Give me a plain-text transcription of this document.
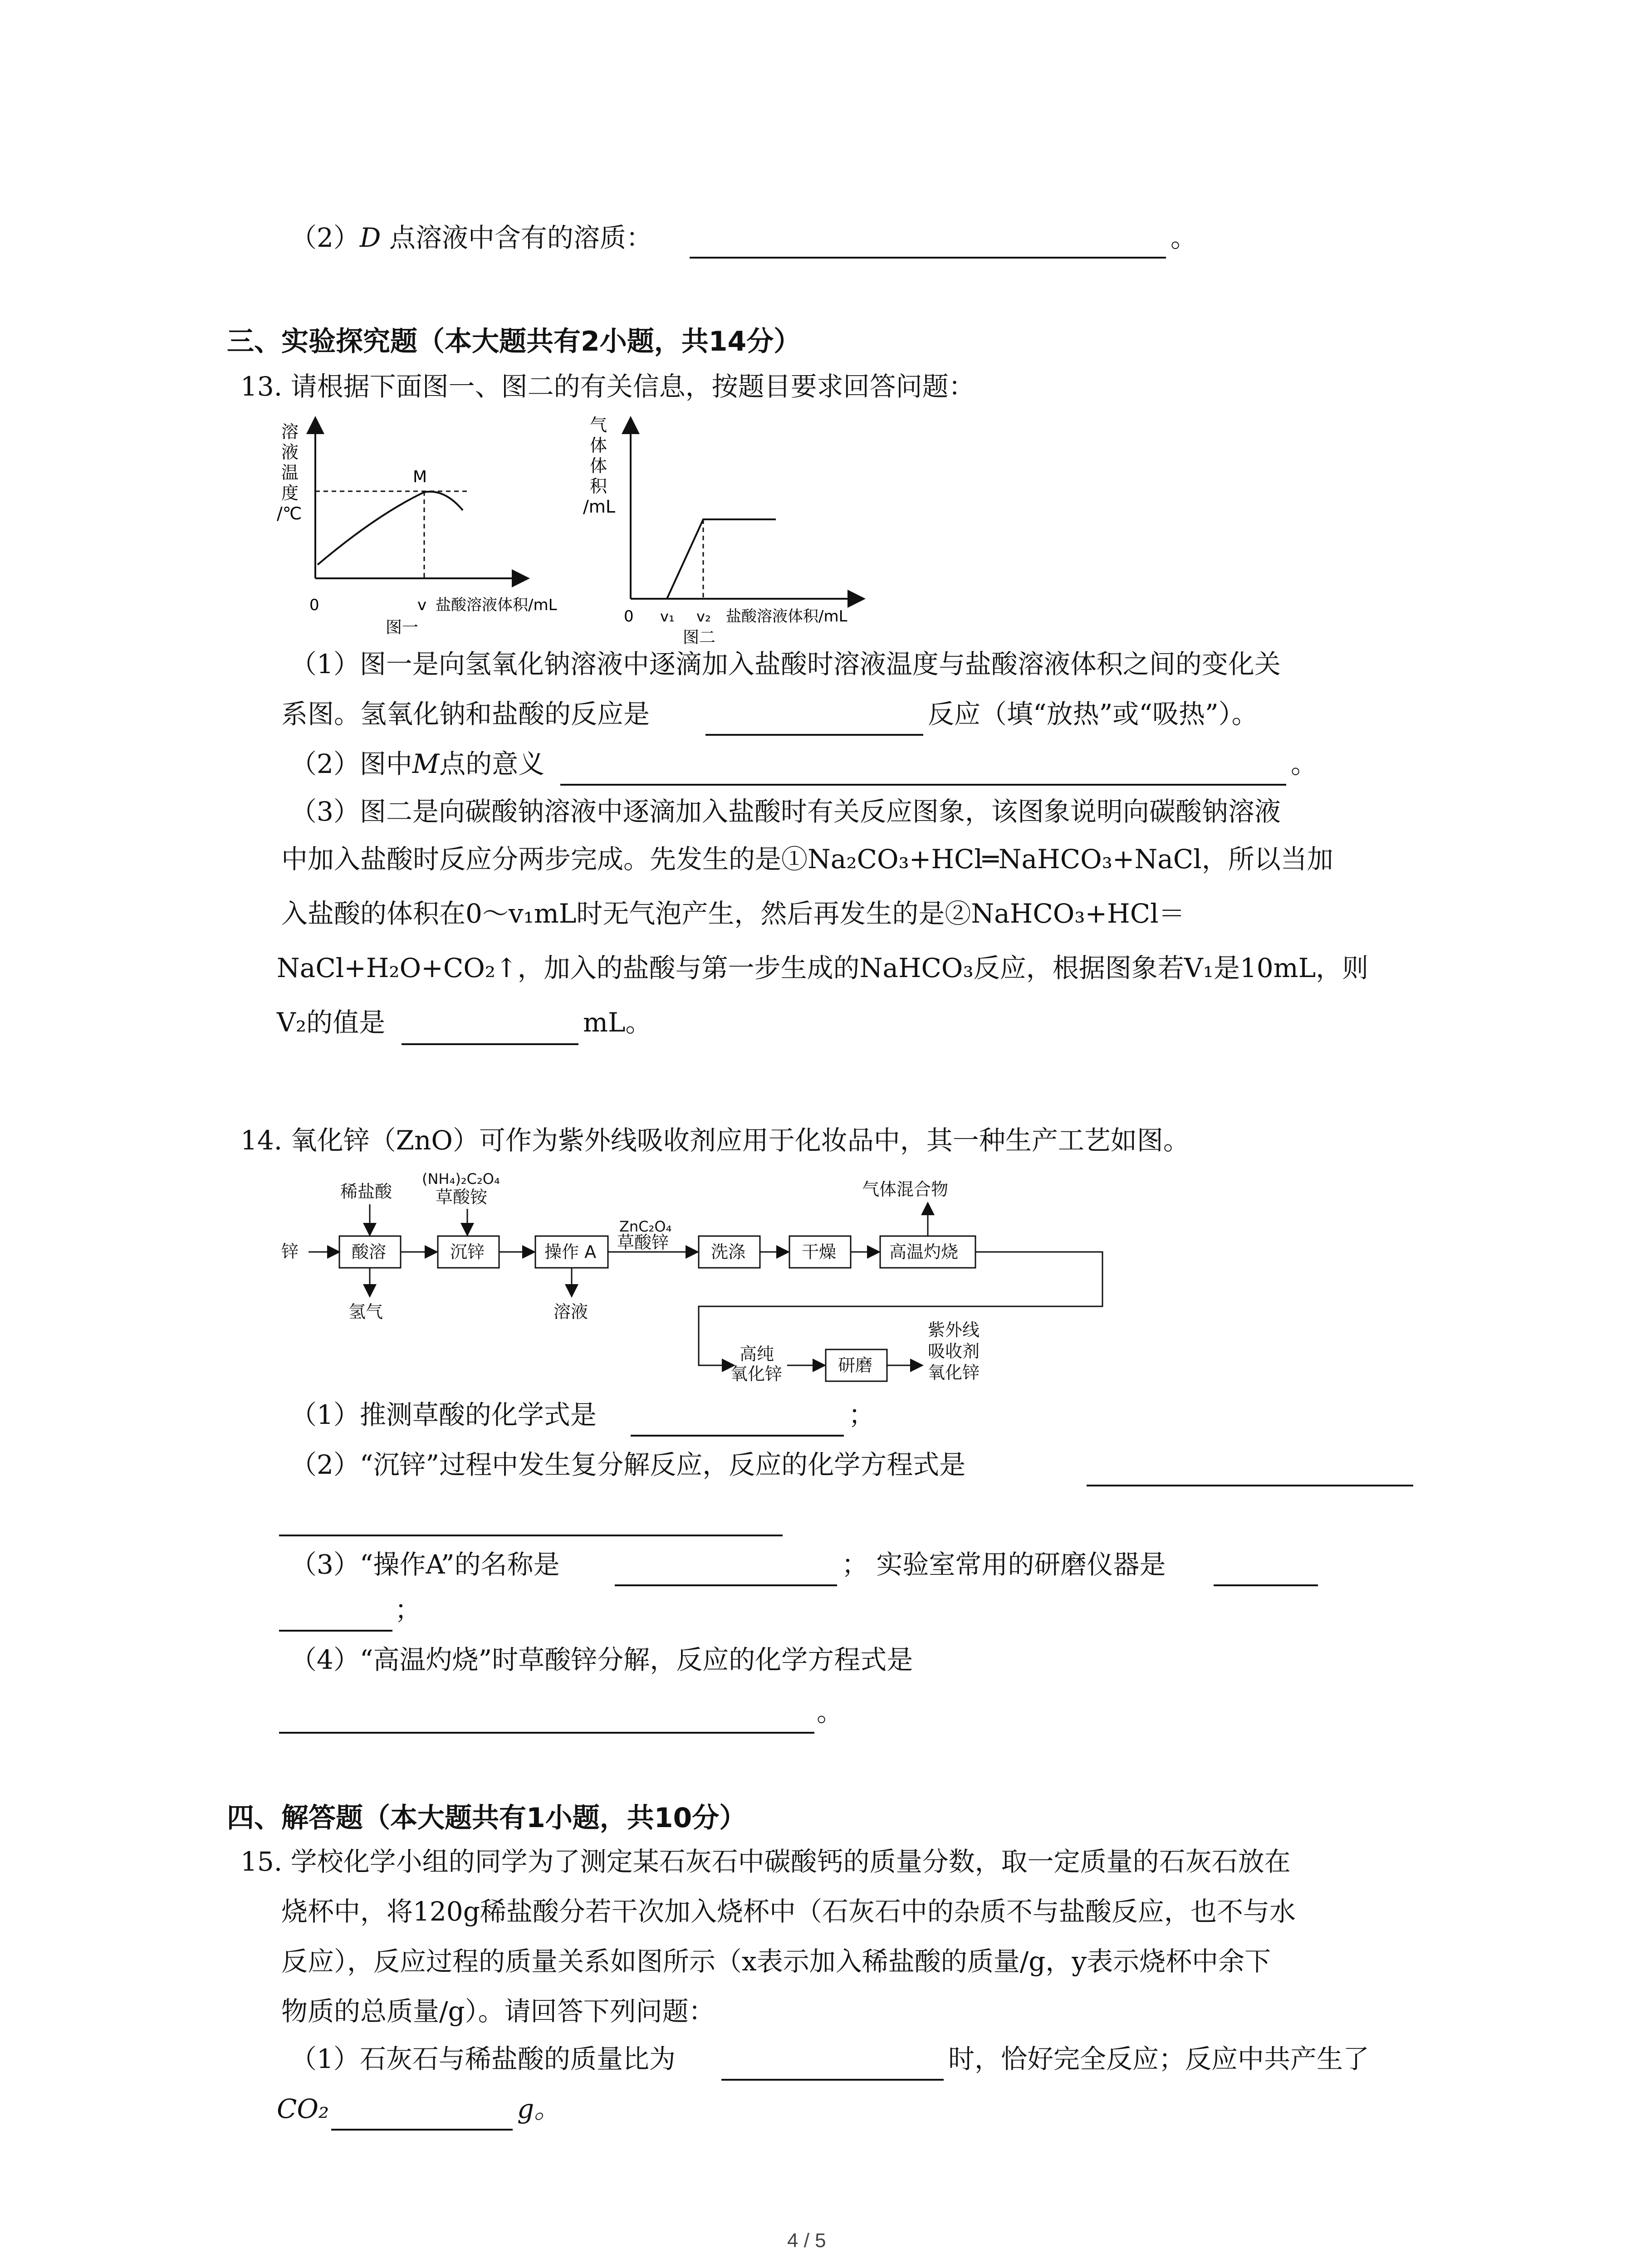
（2）D 点溶液中含有的溶质：	。
三、实验探究题（本大题共有2小题，共14分）
13. 请根据下面图一、图二的有关信息，按题目要求回答问题：
溶
液
温
度
/℃
M
0	v 盐酸溶液体积/mL
图一
气
体
体
积
/mL
0 v₁ v₂ 盐酸溶液体积/mL
图二
（1）图一是向氢氧化钠溶液中逐滴加入盐酸时溶液温度与盐酸溶液体积之间的变化关
系图。氢氧化钠和盐酸的反应是	反应（填“放热”或“吸热”）。
（2）图中M点的意义	。
（3）图二是向碳酸钠溶液中逐滴加入盐酸时有关反应图象，该图象说明向碳酸钠溶液
中加入盐酸时反应分两步完成。先发生的是①Na₂CO₃+HCl═NaHCO₃+NaCl，所以当加
入盐酸的体积在0～v₁mL时无气泡产生，然后再发生的是②NaHCO₃+HCl＝
NaCl+H₂O+CO₂↑，加入的盐酸与第一步生成的NaHCO₃反应，根据图象若V₁是10mL，则
V₂的值是	mL。
14. 氧化锌（ZnO）可作为紫外线吸收剂应用于化妆品中，其一种生产工艺如图。
锌
稀盐酸
酸溶
氢气
(NH₄)₂C₂O₄
草酸铵
沉锌	操作 A
溶液
ZnC₂O₄
草酸锌 洗涤	干燥	高温灼烧
气体混合物
高纯
氧化锌	研磨
紫外线
吸收剂
氧化锌
（1）推测草酸的化学式是	；
（2）“沉锌”过程中发生复分解反应，反应的化学方程式是
（3）“操作A”的名称是	； 实验室常用的研磨仪器是
；
（4）“高温灼烧”时草酸锌分解，反应的化学方程式是
。
四、解答题（本大题共有1小题，共10分）
15. 学校化学小组的同学为了测定某石灰石中碳酸钙的质量分数，取一定质量的石灰石放在
烧杯中，将120g稀盐酸分若干次加入烧杯中（石灰石中的杂质不与盐酸反应，也不与水
反应），反应过程的质量关系如图所示（x表示加入稀盐酸的质量/g，y表示烧杯中余下
物质的总质量/g）。请回答下列问题：
（1）石灰石与稀盐酸的质量比为	时，恰好完全反应；反应中共产生了
CO₂	g。
4 / 5
